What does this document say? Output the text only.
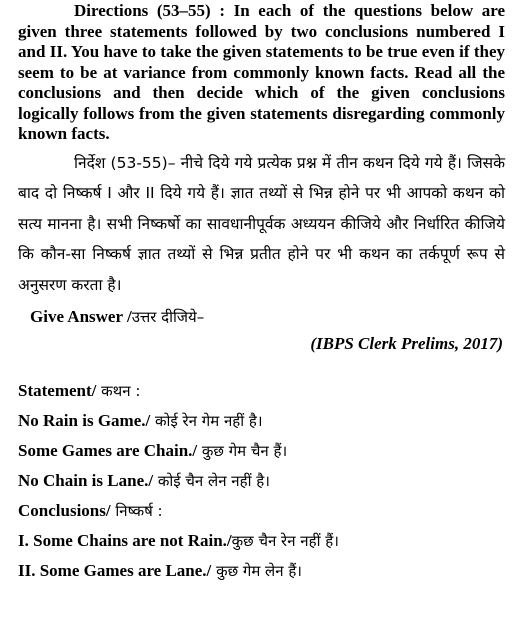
Directions (53–55) : In each of the questions below are given three statements followed by two conclusions numbered I and II. You have to take the given statements to be true even if they seem to be at variance from commonly known facts. Read all the conclusions and then decide which of the given conclusions logically follows from the given statements disregarding commonly known facts.

निर्देश (53-55)– नीचे दिये गये प्रत्येक प्रश्न में तीन कथन दिये गये हैं। जिसके बाद दो निष्कर्ष I और II दिये गये हैं। ज्ञात तथ्यों से भिन्न होने पर भी आपको कथन को सत्य मानना है। सभी निष्कर्षो का सावधानीपूर्वक अध्ययन कीजिये और निर्धारित कीजिये कि कौन-सा निष्कर्ष ज्ञात तथ्यों से भिन्न प्रतीत होने पर भी कथन का तर्कपूर्ण रूप से अनुसरण करता है।

Give Answer /उत्तर दीजिये–
(IBPS Clerk Prelims, 2017)
Statement/ कथन :
No Rain is Game./ कोई रेन गेम नहीं है।
Some Games are Chain./ कुछ गेम चैन हैं।
No Chain is Lane./ कोई चैन लेन नहीं है।
Conclusions/ निष्कर्ष :
I. Some Chains are not Rain./कुछ चैन रेन नहीं हैं।
II. Some Games are Lane./ कुछ गेम लेन हैं।
